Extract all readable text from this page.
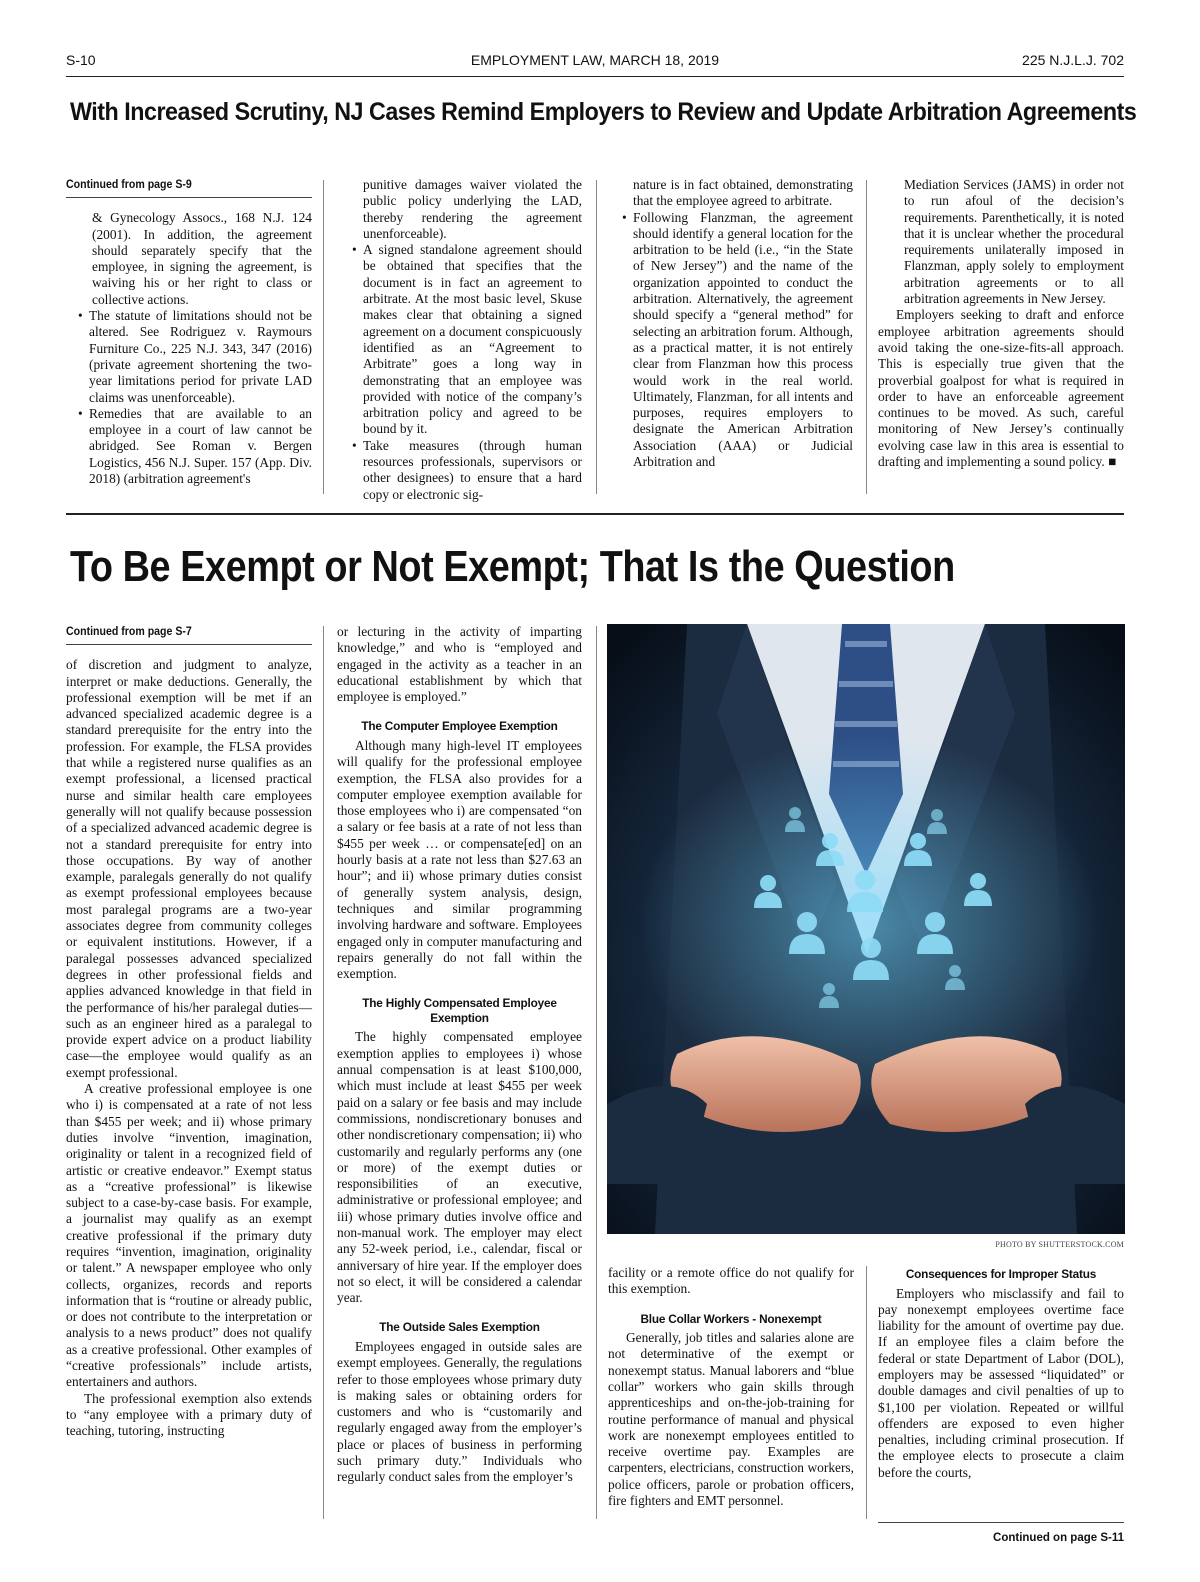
S-10	EMPLOYMENT LAW, MARCH 18, 2019	225 N.J.L.J. 702
With Increased Scrutiny, NJ Cases Remind Employers to Review and Update Arbitration Agreements
Continued from page S-9

& Gynecology Assocs., 168 N.J. 124 (2001). In addition, the agreement should separately specify that the employee, in signing the agreement, is waiving his or her right to class or collective actions.

• The statute of limitations should not be altered. See Rodriguez v. Raymours Furniture Co., 225 N.J. 343, 347 (2016) (private agreement shortening the two-year limitations period for private LAD claims was unenforceable).
• Remedies that are available to an employee in a court of law cannot be abridged. See Roman v. Bergen Logistics, 456 N.J. Super. 157 (App. Div. 2018) (arbitration agreement's

punitive damages waiver violated the public policy underlying the LAD, thereby rendering the agreement unenforceable).

• A signed standalone agreement should be obtained that specifies that the document is in fact an agreement to arbitrate. At the most basic level, Skuse makes clear that obtaining a signed agreement on a document conspicuously identified as an “Agreement to Arbitrate” goes a long way in demonstrating that an employee was provided with notice of the company’s arbitration policy and agreed to be bound by it.
• Take measures (through human resources professionals, supervisors or other designees) to ensure that a hard copy or electronic sig-

nature is in fact obtained, demonstrating that the employee agreed to arbitrate.

• Following Flanzman, the agreement should identify a general location for the arbitration to be held (i.e., “in the State of New Jersey”) and the name of the organization appointed to conduct the arbitration. Alternatively, the agreement should specify a “general method” for selecting an arbitration forum. Although, as a practical matter, it is not entirely clear from Flanzman how this process would work in the real world. Ultimately, Flanzman, for all intents and purposes, requires employers to designate the American Arbitration Association (AAA) or Judicial Arbitration and

Mediation Services (JAMS) in order not to run afoul of the decision’s requirements. Parenthetically, it is noted that it is unclear whether the procedural requirements unilaterally imposed in Flanzman, apply solely to employment arbitration agreements or to all arbitration agreements in New Jersey.

Employers seeking to draft and enforce employee arbitration agreements should avoid taking the one-size-fits-all approach. This is especially true given that the proverbial goalpost for what is required in order to have an enforceable agreement continues to be moved. As such, careful monitoring of New Jersey’s continually evolving case law in this area is essential to drafting and implementing a sound policy. ■

To Be Exempt or Not Exempt; That Is the Question
Continued from page S-7

of discretion and judgment to analyze, interpret or make deductions. Generally, the professional exemption will be met if an advanced specialized academic degree is a standard prerequisite for the entry into the profession. For example, the FLSA provides that while a registered nurse qualifies as an exempt professional, a licensed practical nurse and similar health care employees generally will not qualify because possession of a specialized advanced academic degree is not a standard prerequisite for entry into those occupations. By way of another example, paralegals generally do not qualify as exempt professional employees because most paralegal programs are a two-year associates degree from community colleges or equivalent institutions. However, if a paralegal possesses advanced specialized degrees in other professional fields and applies advanced knowledge in that field in the performance of his/her paralegal duties—such as an engineer hired as a paralegal to provide expert advice on a product liability case—the employee would qualify as an exempt professional.

A creative professional employee is one who i) is compensated at a rate of not less than $455 per week; and ii) whose primary duties involve “invention, imagination, originality or talent in a recognized field of artistic or creative endeavor.” Exempt status as a “creative professional” is likewise subject to a case-by-case basis. For example, a journalist may qualify as an exempt creative professional if the primary duty requires “invention, imagination, originality or talent.” A newspaper employee who only collects, organizes, records and reports information that is “routine or already public, or does not contribute to the interpretation or analysis to a news product” does not qualify as a creative professional. Other examples of “creative professionals” include artists, entertainers and authors.

The professional exemption also extends to “any employee with a primary duty of teaching, tutoring, instructing

or lecturing in the activity of imparting knowledge,” and who is “employed and engaged in the activity as a teacher in an educational establishment by which that employee is employed.”

The Computer Employee Exemption

Although many high-level IT employees will qualify for the professional employee exemption, the FLSA also provides for a computer employee exemption available for those employees who i) are compensated “on a salary or fee basis at a rate of not less than $455 per week … or compensate[ed] on an hourly basis at a rate not less than $27.63 an hour”; and ii) whose primary duties consist of generally system analysis, design, techniques and similar programming involving hardware and software. Employees engaged only in computer manufacturing and repairs generally do not fall within the exemption.

The Highly Compensated Employee Exemption

The highly compensated employee exemption applies to employees i) whose annual compensation is at least $100,000, which must include at least $455 per week paid on a salary or fee basis and may include commissions, nondiscretionary bonuses and other nondiscretionary compensation; ii) who customarily and regularly performs any (one or more) of the exempt duties or responsibilities of an executive, administrative or professional employee; and iii) whose primary duties involve office and non-manual work. The employer may elect any 52-week period, i.e., calendar, fiscal or anniversary of hire year. If the employer does not so elect, it will be considered a calendar year.

The Outside Sales Exemption

Employees engaged in outside sales are exempt employees. Generally, the regulations refer to those employees whose primary duty is making sales or obtaining orders for customers and who is “customarily and regularly engaged away from the employer’s place or places of business in performing such primary duty.” Individuals who regularly conduct sales from the employer’s

PHOTO BY SHUTTERSTOCK.COM

facility or a remote office do not qualify for this exemption.

Blue Collar Workers - Nonexempt

Generally, job titles and salaries alone are not determinative of the exempt or nonexempt status. Manual laborers and “blue collar” workers who gain skills through apprenticeships and on-the-job-training for routine performance of manual and physical work are nonexempt employees entitled to receive overtime pay. Examples are carpenters, electricians, construction workers, police officers, parole or probation officers, fire fighters and EMT personnel.

Consequences for Improper Status

Employers who misclassify and fail to pay nonexempt employees overtime face liability for the amount of overtime pay due. If an employee files a claim before the federal or state Department of Labor (DOL), employers may be assessed “liquidated” or double damages and civil penalties of up to $1,100 per violation. Repeated or willful offenders are exposed to even higher penalties, including criminal prosecution. If the employee elects to prosecute a claim before the courts,

Continued on page S-11
